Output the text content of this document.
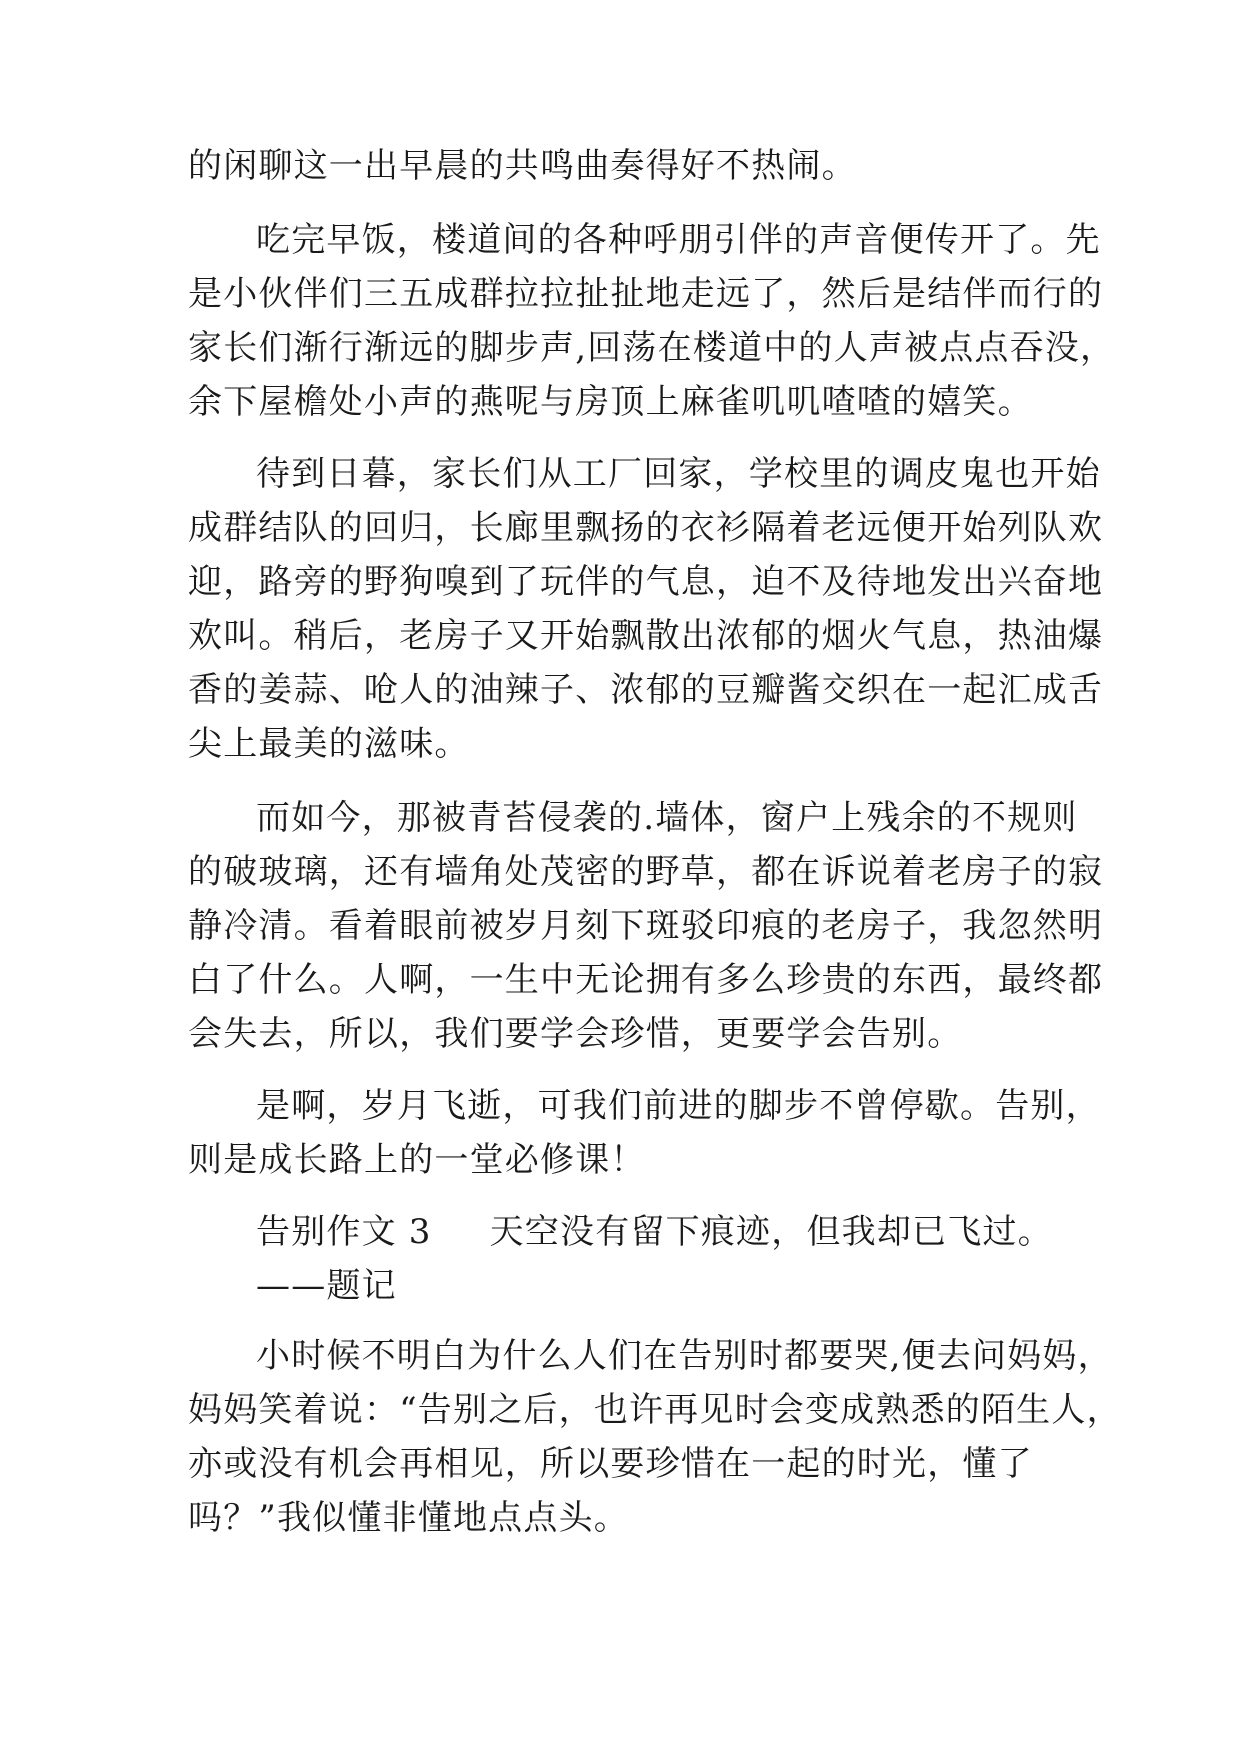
的闲聊这一出早晨的共鸣曲奏得好不热闹。
吃完早饭，楼道间的各种呼朋引伴的声音便传开了。先
是小伙伴们三五成群拉拉扯扯地走远了，然后是结伴而行的
家长们渐行渐远的脚步声,回荡在楼道中的人声被点点吞没，
余下屋檐处小声的燕呢与房顶上麻雀叽叽喳喳的嬉笑。
待到日暮，家长们从工厂回家，学校里的调皮鬼也开始
成群结队的回归，长廊里飘扬的衣衫隔着老远便开始列队欢
迎，路旁的野狗嗅到了玩伴的气息，迫不及待地发出兴奋地
欢叫。稍后，老房子又开始飘散出浓郁的烟火气息，热油爆
香的姜蒜、呛人的油辣子、浓郁的豆瓣酱交织在一起汇成舌
尖上最美的滋味。
而如今，那被青苔侵袭的.墙体，窗户上残余的不规则
的破玻璃，还有墙角处茂密的野草，都在诉说着老房子的寂
静冷清。看着眼前被岁月刻下斑驳印痕的老房子，我忽然明
白了什么。人啊，一生中无论拥有多么珍贵的东西，最终都
会失去，所以，我们要学会珍惜，更要学会告别。
是啊，岁月飞逝，可我们前进的脚步不曾停歇。告别，
则是成长路上的一堂必修课！
告别作文 3 天空没有留下痕迹，但我却已飞过。
——题记
小时候不明白为什么人们在告别时都要哭,便去问妈妈，
妈妈笑着说：“告别之后，也许再见时会变成熟悉的陌生人，
亦或没有机会再相见，所以要珍惜在一起的时光，懂了
吗？”我似懂非懂地点点头。
